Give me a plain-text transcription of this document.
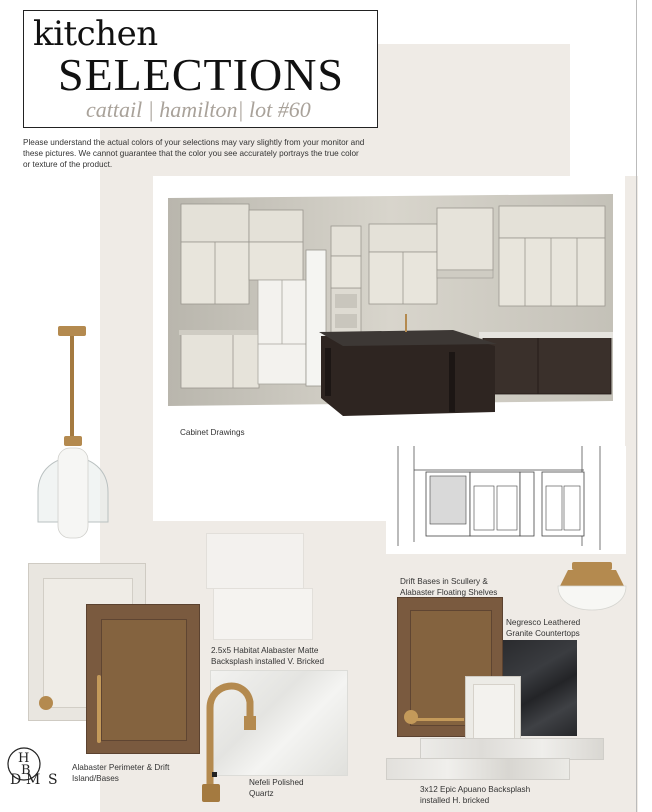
kitchen
SELECTIONS
cattail | hamilton| lot #60
Please understand the actual colors of your selections may vary slightly from your monitor and these pictures. We cannot guarantee that the color you see accurately portrays the true color or texture of the product.
Cabinet Drawings
Drift Bases in Scullery & Alabaster Floating Shelves
2.5x5 Habitat Alabaster Matte Backsplash installed V. Bricked
Alabaster Perimeter & Drift Island/Bases	Nefeli Polished Quartz
Negresco Leathered Granite Countertops
3x12 Epic Apuano Backsplash installed H. bricked
H
B
D M S
